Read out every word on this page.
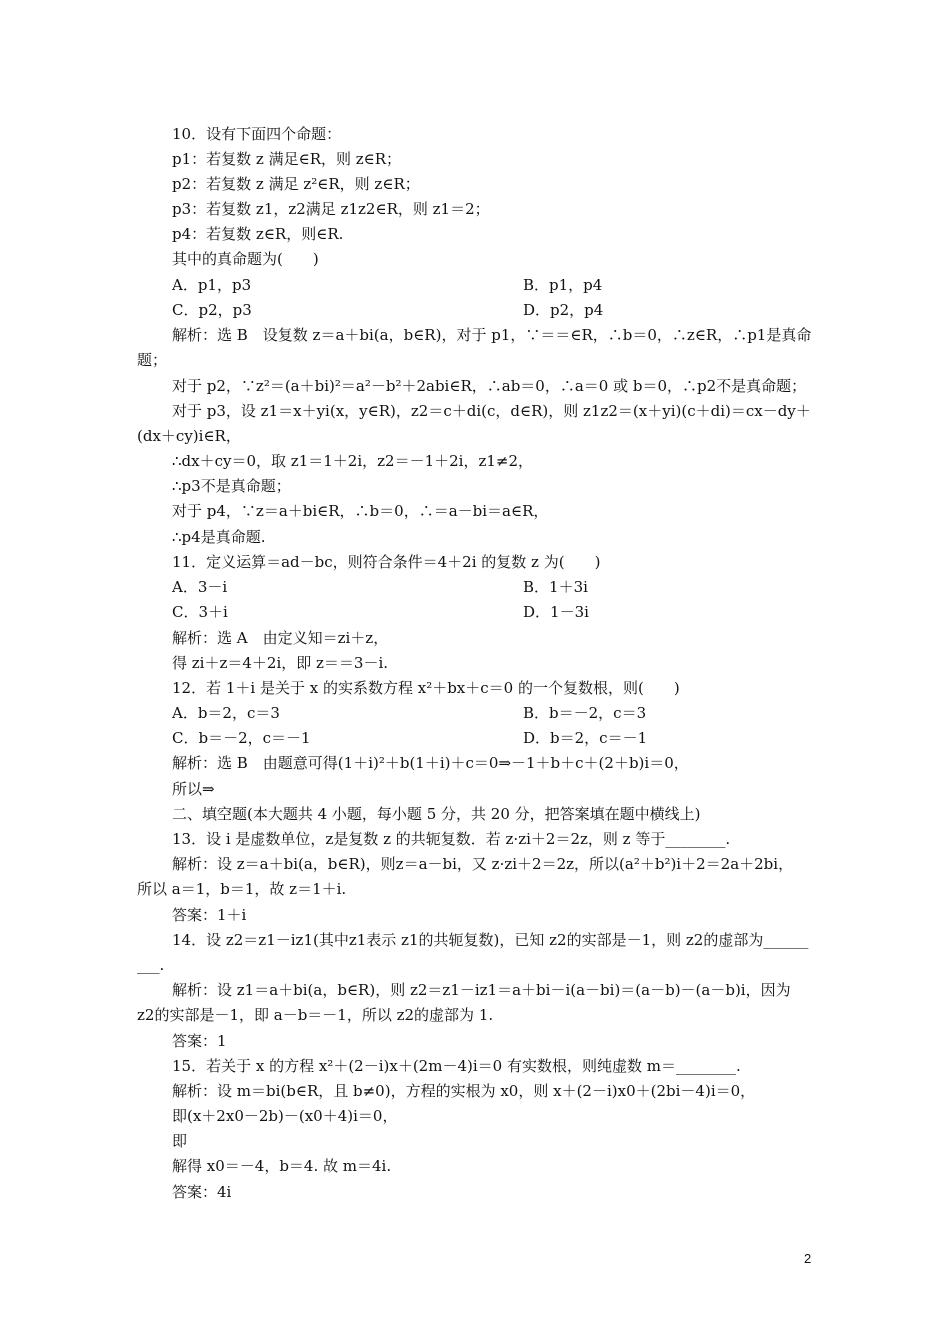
10．设有下面四个命题：
p1：若复数 z 满足∈R，则 z∈R；
p2：若复数 z 满足 z²∈R，则 z∈R；
p3：若复数 z1，z2满足 z1z2∈R，则 z1＝2；
p4：若复数 z∈R，则∈R.
其中的真命题为(　　)
A．p1，p3	B．p1，p4
C．p2，p3	D．p2，p4
解析：选 B　设复数 z＝a＋bi(a，b∈R)，对于 p1，∵＝＝∈R，∴b＝0，∴z∈R，∴p1是真命
题；
对于 p2，∵z²＝(a＋bi)²＝a²－b²＋2abi∈R，∴ab＝0，∴a＝0 或 b＝0，∴p2不是真命题；
对于 p3，设 z1＝x＋yi(x，y∈R)，z2＝c＋di(c，d∈R)，则 z1z2＝(x＋yi)(c＋di)＝cx－dy＋
(dx＋cy)i∈R，
∴dx＋cy＝0，取 z1＝1＋2i，z2＝－1＋2i，z1≠2，
∴p3不是真命题；
对于 p4，∵z＝a＋bi∈R，∴b＝0，∴＝a－bi＝a∈R，
∴p4是真命题.
11．定义运算＝ad－bc，则符合条件＝4＋2i 的复数 z 为(　　)
A．3－i	B．1＋3i
C．3＋i	D．1－3i
解析：选 A　由定义知＝zi＋z，
得 zi＋z＝4＋2i，即 z＝＝3－i.
12．若 1＋i 是关于 x 的实系数方程 x²＋bx＋c＝0 的一个复数根，则(　　)
A．b＝2，c＝3	B．b＝－2，c＝3
C．b＝－2，c＝－1	D．b＝2，c＝－1
解析：选 B　由题意可得(1＋i)²＋b(1＋i)＋c＝0⇒－1＋b＋c＋(2＋b)i＝0，
所以⇒
二、填空题(本大题共 4 小题，每小题 5 分，共 20 分，把答案填在题中横线上)
13．设 i 是虚数单位，z是复数 z 的共轭复数．若 z·zi＋2＝2z，则 z 等于________.
解析：设 z＝a＋bi(a，b∈R)，则z＝a－bi，又 z·zi＋2＝2z，所以(a²＋b²)i＋2＝2a＋2bi，
所以 a＝1，b＝1，故 z＝1＋i.
答案：1＋i
14．设 z2＝z1－iz1(其中z1表示 z1的共轭复数)，已知 z2的实部是－1，则 z2的虚部为______
___.
解析：设 z1＝a＋bi(a，b∈R)，则 z2＝z1－iz1＝a＋bi－i(a－bi)＝(a－b)－(a－b)i，因为
z2的实部是－1，即 a－b＝－1，所以 z2的虚部为 1.
答案：1
15．若关于 x 的方程 x²＋(2－i)x＋(2m－4)i＝0 有实数根，则纯虚数 m＝________.
解析：设 m＝bi(b∈R，且 b≠0)，方程的实根为 x0，则 x＋(2－i)x0＋(2bi－4)i＝0，
即(x＋2x0－2b)－(x0＋4)i＝0，
即
解得 x0＝－4，b＝4. 故 m＝4i.
答案：4i
2
